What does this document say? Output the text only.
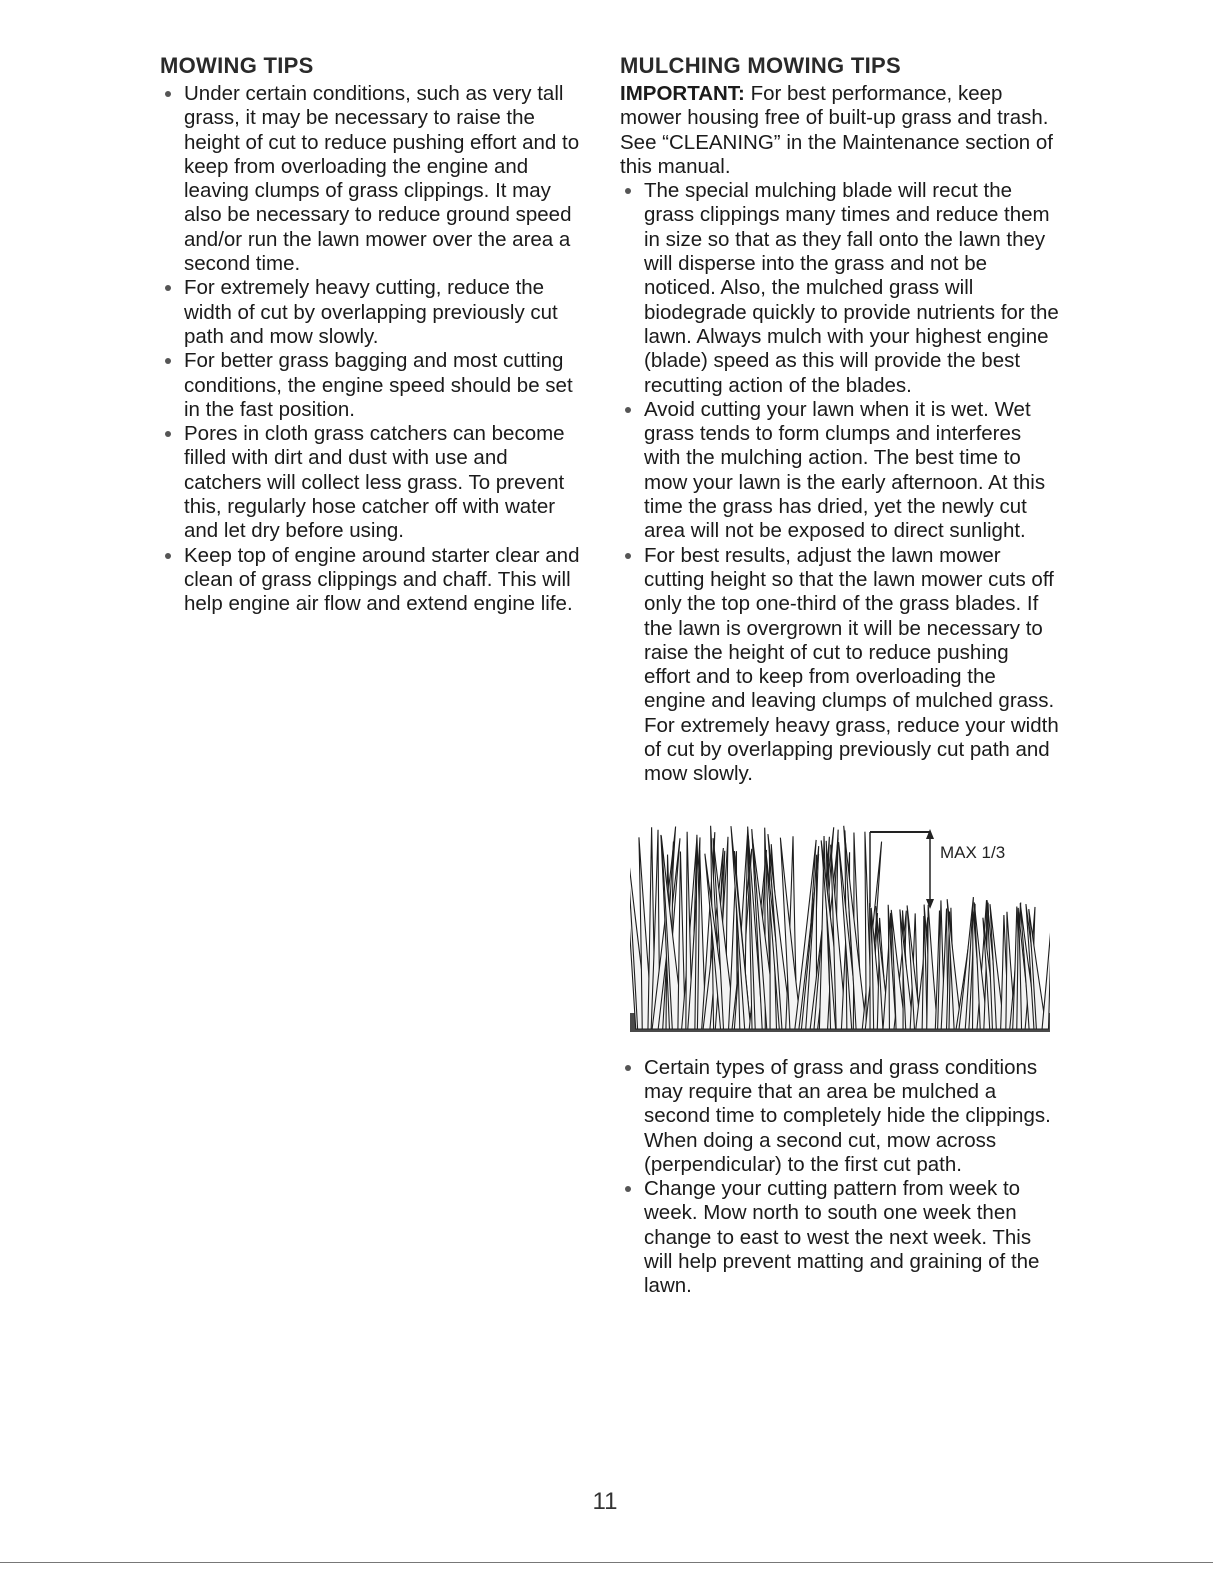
MOWING TIPS
Under certain conditions, such as very tall grass, it may be necessary to raise the height of cut to reduce pushing effort and to keep from overloading the engine and leaving clumps of grass clippings. It may also be necessary to reduce ground speed and/or run the lawn mower over the area a second time.
For extremely heavy cutting, reduce the width of cut by overlapping previously cut path and mow slowly.
For better grass bagging and most cutting conditions, the engine speed should be set in the fast position.
Pores in cloth grass catchers can become filled with dirt and dust with use and catchers will collect less grass. To prevent this, regularly hose catcher off with water and let dry before using.
Keep top of engine around starter clear and clean of grass clippings and chaff. This will help engine air flow and extend engine life.
MULCHING MOWING TIPS

IMPORTANT: For best performance, keep mower housing free of built-up grass and trash. See “CLEANING” in the Maintenance section of this manual.

The special mulching blade will recut the grass clippings many times and reduce them in size so that as they fall onto the lawn they will disperse into the grass and not be noticed. Also, the mulched grass will biodegrade quickly to provide nutrients for the lawn. Always mulch with your highest engine (blade) speed as this will provide the best recutting action of the blades.
Avoid cutting your lawn when it is wet. Wet grass tends to form clumps and interferes with the mulching action. The best time to mow your lawn is the early afternoon. At this time the grass has dried, yet the newly cut area will not be exposed to direct sunlight.
For best results, adjust the lawn mower cutting height so that the lawn mower cuts off only the top one-third of the grass blades. If the lawn is overgrown it will be necessary to raise the height of cut to reduce pushing effort and to keep from overloading the engine and leaving clumps of mulched grass. For extremely heavy grass, reduce your width of cut by overlapping previously cut path and mow slowly.
MAX 1/3
Certain types of grass and grass conditions may require that an area be mulched a second time to completely hide the clippings. When doing a second cut, mow across (perpendicular) to the first cut path.
Change your cutting pattern from week to week. Mow north to south one week then change to east to west the next week. This will help prevent matting and graining of the lawn.
11
